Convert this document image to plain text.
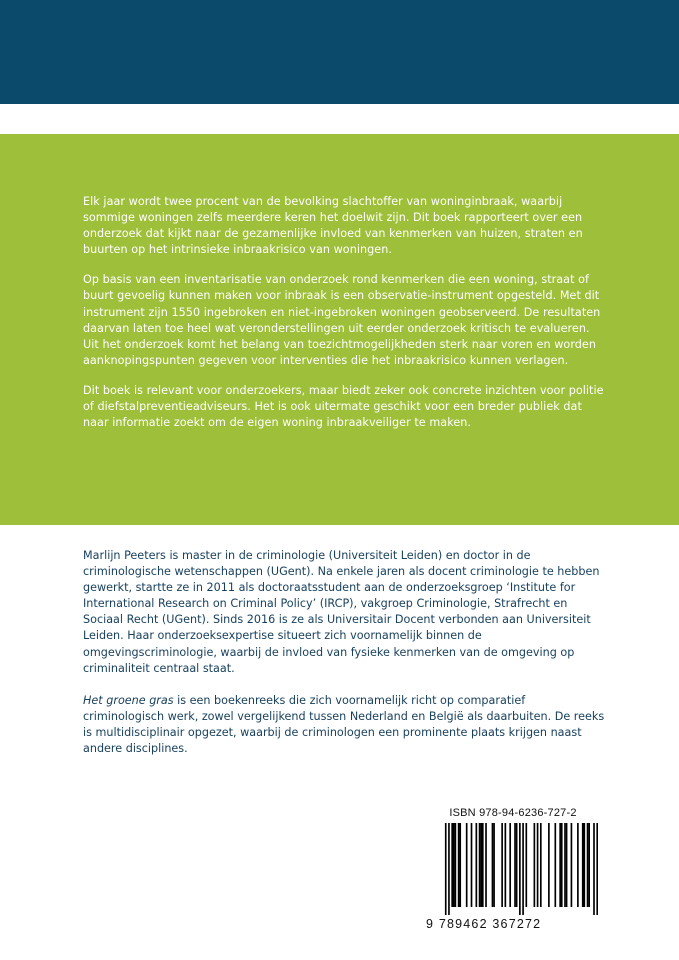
Elk jaar wordt twee procent van de bevolking slachtoffer van woninginbraak, waarbij sommige woningen zelfs meerdere keren het doelwit zijn. Dit boek rapporteert over een onderzoek dat kijkt naar de gezamenlijke invloed van kenmerken van huizen, straten en buurten op het intrinsieke inbraakrisico van woningen.

Op basis van een inventarisatie van onderzoek rond kenmerken die een woning, straat of buurt gevoelig kunnen maken voor inbraak is een observatie-instrument opgesteld. Met dit instrument zijn 1550 ingebroken en niet-ingebroken woningen geobserveerd. De resultaten daarvan laten toe heel wat veronderstellingen uit eerder onderzoek kritisch te evalueren. Uit het onderzoek komt het belang van toezichtmogelijkheden sterk naar voren en worden aanknopingspunten gegeven voor interventies die het inbraakrisico kunnen verlagen.

Dit boek is relevant voor onderzoekers, maar biedt zeker ook concrete inzichten voor politie of diefstalpreventieadviseurs. Het is ook uitermate geschikt voor een breder publiek dat naar informatie zoekt om de eigen woning inbraakveiliger te maken.

Marlijn Peeters is master in de criminologie (Universiteit Leiden) en doctor in de criminologische wetenschappen (UGent). Na enkele jaren als docent criminologie te hebben gewerkt, startte ze in 2011 als doctoraatsstudent aan de onderzoeksgroep ‘Institute for International Research on Criminal Policy’ (IRCP), vakgroep Criminologie, Strafrecht en Sociaal Recht (UGent). Sinds 2016 is ze als Universitair Docent verbonden aan Universiteit Leiden. Haar onderzoeksexpertise situeert zich voornamelijk binnen de omgevingscriminologie, waarbij de invloed van fysieke kenmerken van de omgeving op criminaliteit centraal staat.

Het groene gras is een boekenreeks die zich voornamelijk richt op comparatief criminologisch werk, zowel vergelijkend tussen Nederland en België als daarbuiten. De reeks is multidisciplinair opgezet, waarbij de criminologen een prominente plaats krijgen naast andere disciplines.

ISBN 978-94-6236-727-2
9 789462 367272
